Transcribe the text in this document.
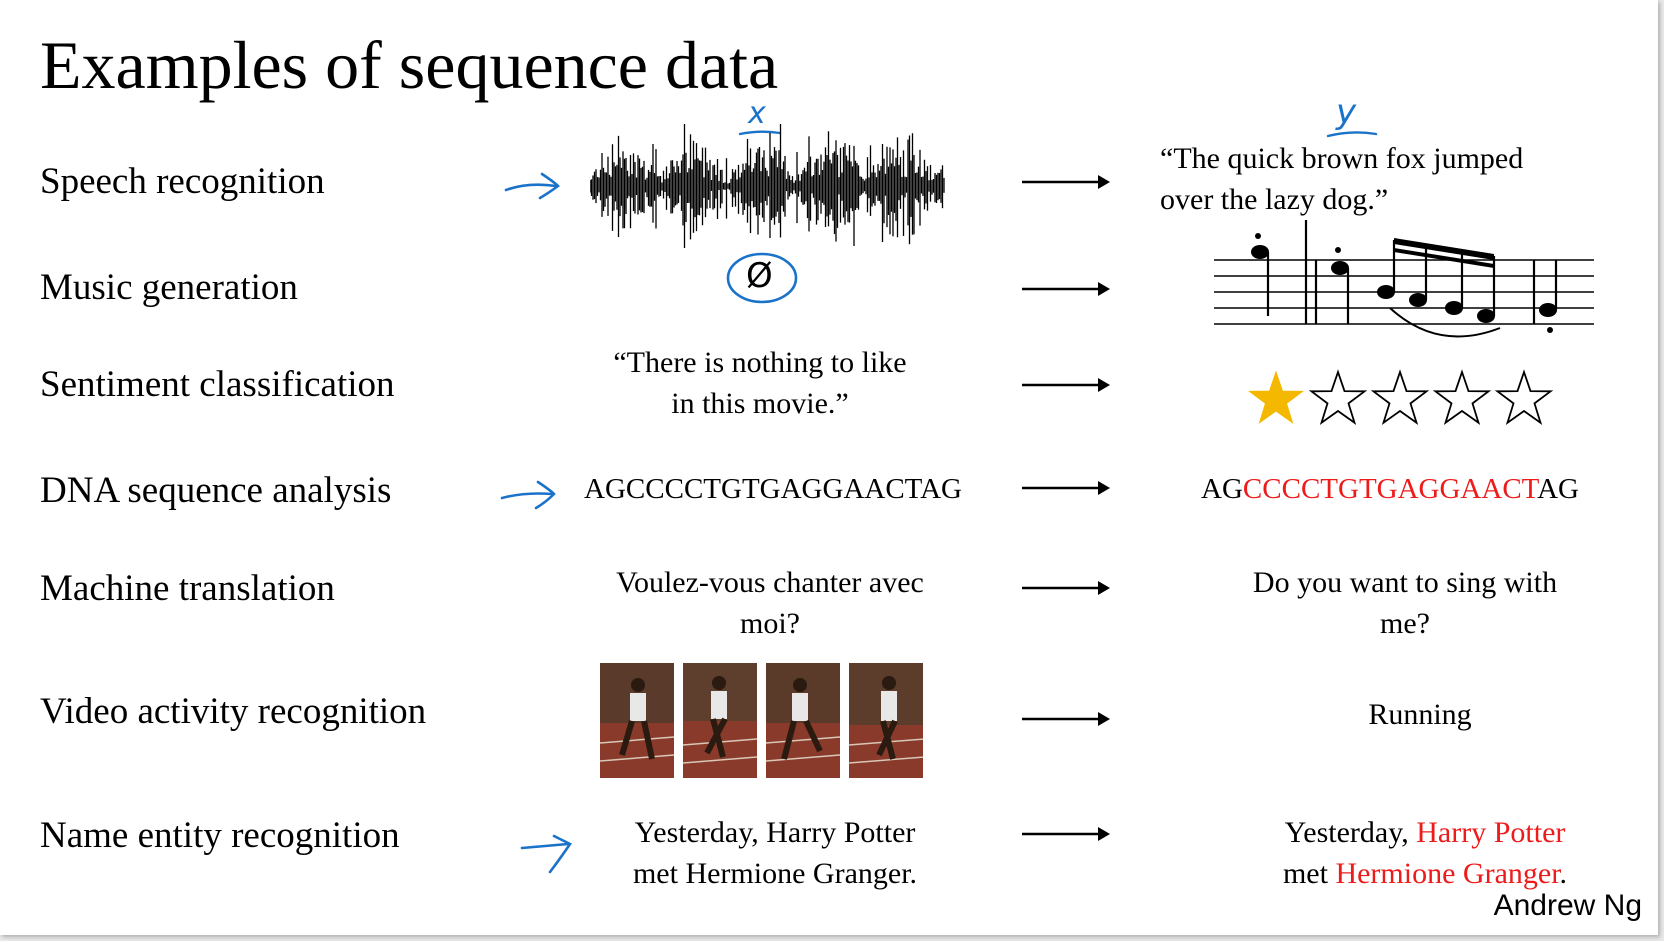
Examples of sequence data
Speech recognition
Music generation
Sentiment classification
DNA sequence analysis
Machine translation
Video activity recognition
Name entity recognition
x	y
Ø
“The quick brown fox jumped
over the lazy dog.”
“There is nothing to like
in this movie.”
AGCCCCTGTGAGGAACTAG	AGCCCCTGTGAGGAACTAG
Voulez-vous chanter avec
moi?
Do you want to sing with
me?
Running
Yesterday, Harry Potter
met Hermione Granger.
Yesterday, Harry Potter
met Hermione Granger.
Andrew Ng
